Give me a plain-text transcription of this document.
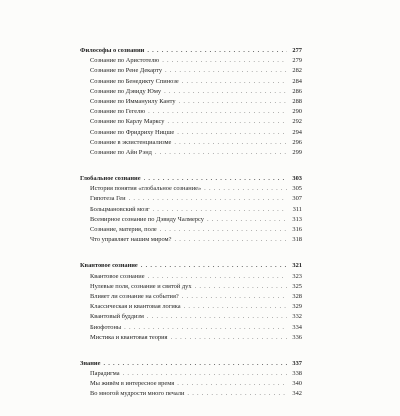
Философы о сознании . . .	277
Сознание по Аристотелю . . .	279
Сознание по Рене Декарту . . .	282
Сознание по Бенедикту Спинозе . . .	284
Сознание по Дэвиду Юму . . .	286
Сознание по Иммануилу Канту . . .	288
Сознание по Гегелю . . .	290
Сознание по Карлу Марксу . . .	292
Сознание по Фридриху Ницше . . .	294
Сознание в экзистенциализме . . .	296
Сознание по Айн Рэнд . . .	299
Глобальное сознание . . .	303
История понятия «глобальное сознание» . . .	305
Гипотеза Геи . . .	307
Больцмановский мозг . . .	311
Всемирное сознание по Дэвиду Чалмерсу . . .	313
Сознание, материя, поле . . .	316
Что управляет нашим миром? . . .	318
Квантовое сознание . . .	321
Квантовое сознание . . .	323
Нулевые поля, сознание и святой дух . . .	325
Влияет ли сознание на события? . . .	328
Классическая и квантовая логика . . .	329
Квантовый буддизм . . .	332
Биофотоны . . .	334
Мистика и квантовая теория . . .	336
Знание . . .	337
Парадигма . . .	338
Мы живём в интересное время . . .	340
Во многой мудрости много печали . . .	342
